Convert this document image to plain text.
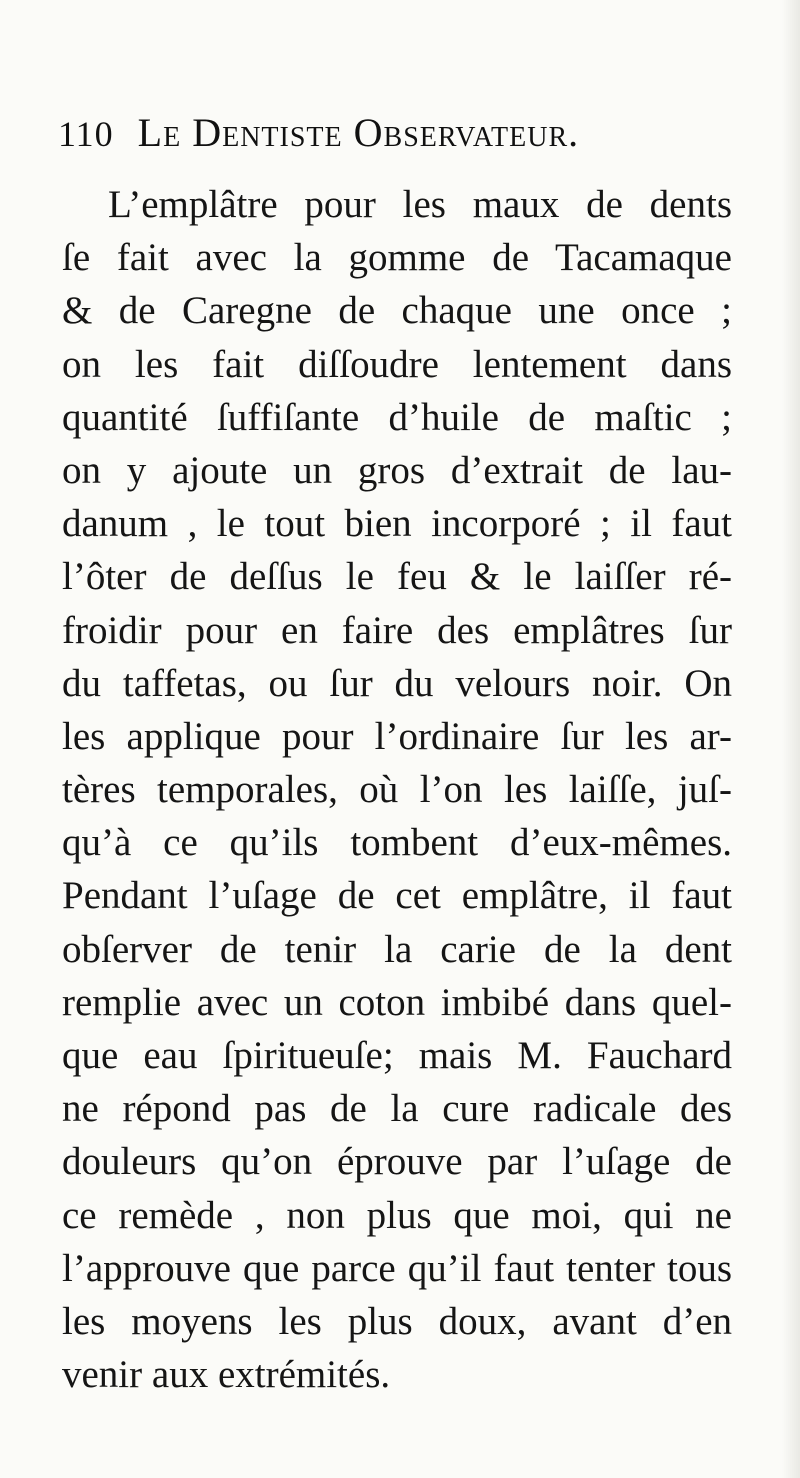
110 Le Dentiste Observateur.
L’emplâtre pour les maux de dents
ſe fait avec la gomme de Tacamaque
& de Caregne de chaque une once ;
on les fait diſſoudre lentement dans
quantité ſuffiſante d’huile de maſtic ;
on y ajoute un gros d’extrait de lau-
danum , le tout bien incorporé ; il faut
l’ôter de deſſus le feu & le laiſſer ré-
froidir pour en faire des emplâtres ſur
du taffetas, ou ſur du velours noir. On
les applique pour l’ordinaire ſur les ar-
tères temporales, où l’on les laiſſe, juſ-
qu’à ce qu’ils tombent d’eux-mêmes.
Pendant l’uſage de cet emplâtre, il faut
obſerver de tenir la carie de la dent
remplie avec un coton imbibé dans quel-
que eau ſpiritueuſe; mais M. Fauchard
ne répond pas de la cure radicale des
douleurs qu’on éprouve par l’uſage de
ce remède , non plus que moi, qui ne
l’approuve que parce qu’il faut tenter tous
les moyens les plus doux, avant d’en
venir aux extrémités.
